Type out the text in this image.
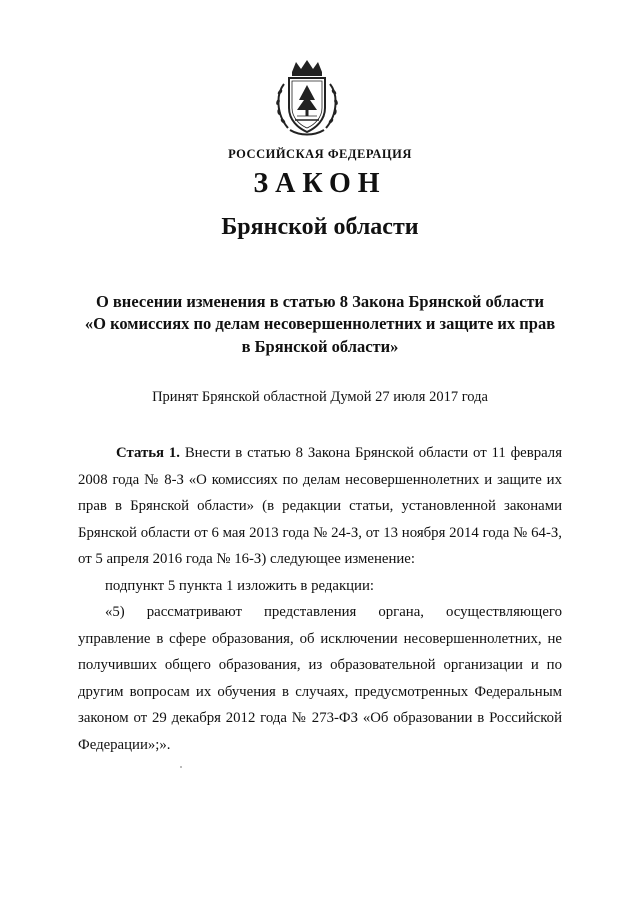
РОССИЙСКАЯ ФЕДЕРАЦИЯ
ЗАКОН
Брянской области
О внесении изменения в статью 8 Закона Брянской области
«О комиссиях по делам несовершеннолетних и защите их прав
в Брянской области»
Принят Брянской областной Думой 27 июля 2017 года

Статья 1. Внести в статью 8 Закона Брянской области от 11 февраля 2008 года № 8-З «О комиссиях по делам несовершеннолетних и защите их прав в Брянской области» (в редакции статьи, установленной законами Брянской области от 6 мая 2013 года № 24-З, от 13 ноября 2014 года № 64-З, от 5 апреля 2016 года № 16-З) следующее изменение:

подпункт 5 пункта 1 изложить в редакции:

«5) рассматривают представления органа, осуществляющего управление в сфере образования, об исключении несовершеннолетних, не получивших общего образования, из образовательной организации и по другим вопросам их обучения в случаях, предусмотренных Федеральным законом от 29 декабря 2012 года № 273-ФЗ «Об образовании в Российской Федерации»;».
